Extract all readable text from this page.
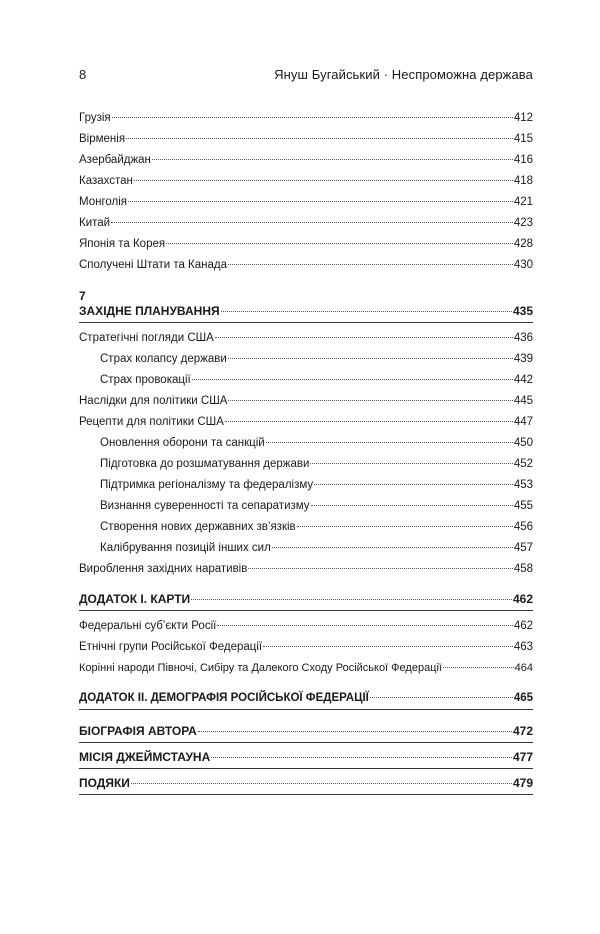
8	Януш Бугайський · Неспроможна держава
Грузія	412
Вірменія	415
Азербайджан	416
Казахстан	418
Монголія	421
Китай	423
Японія та Корея	428
Сполучені Штати та Канада	430
7
ЗАХІДНЕ ПЛАНУВАННЯ	435
Стратегічні погляди США	436
Страх колапсу держави	439
Страх провокації	442
Наслідки для політики США	445
Рецепти для політики США	447
Оновлення оборони та санкцій	450
Підготовка до розшматування держави	452
Підтримка регіоналізму та федералізму	453
Визнання суверенності та сепаратизму	455
Створення нових державних зв’язків	456
Калібрування позицій інших сил	457
Вироблення західних наративів	458
ДОДАТОК І. КАРТИ	462
Федеральні суб’єкти Росії	462
Етнічні групи Російської Федерації	463
Корінні народи Півночі, Сибіру та Далекого Сходу Російської Федерації	464
ДОДАТОК ІІ. ДЕМОГРАФІЯ РОСІЙСЬКОЇ ФЕДЕРАЦІЇ	465
БІОГРАФІЯ АВТОРА	472
МІСІЯ ДЖЕЙМСТАУНА	477
ПОДЯКИ	479
